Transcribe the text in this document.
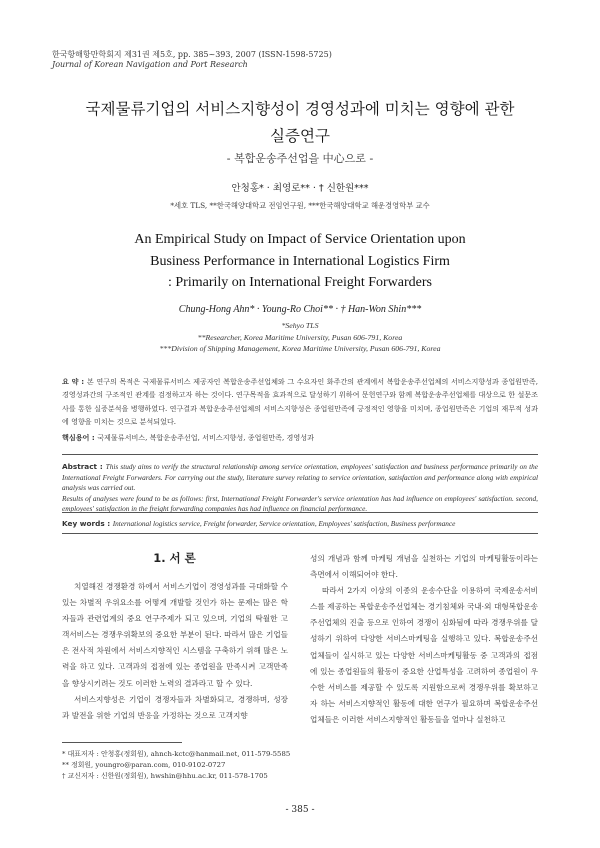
한국항해항만학회지 제31권 제5호, pp. 385~393, 2007 (ISSN-1598-5725)
Journal of Korean Navigation and Port Research
국제물류기업의 서비스지향성이 경영성과에 미치는 영향에 관한
실증연구
- 복합운송주선업을 中心으로 -
안청홍* · 최영로** · † 신한원***
*세호 TLS, **한국해양대학교 전임연구원, ***한국해양대학교 해운경영학부 교수
An Empirical Study on Impact of Service Orientation upon
Business Performance in International Logistics Firm
: Primarily on International Freight Forwarders
Chung-Hong Ahn* · Young-Ro Choi** · † Han-Won Shin***
*Sehyo TLS
**Researcher, Korea Maritime University, Pusan 606-791, Korea
***Division of Shipping Management, Korea Maritime University, Pusan 606-791, Korea
요 약 : 본 연구의 목적은 국제물류서비스 제공자인 복합운송주선업체와 그 수요자인 화주간의 관계에서 복합운송주선업체의 서비스지향성과 종업원만족, 경영성과간의 구조적인 관계를 검정하고자 하는 것이다. 연구목적을 효과적으로 달성하기 위하여 문헌연구와 함께 복합운송주선업체를 대상으로 한 설문조사를 통한 실증분석을 병행하였다. 연구결과 복합운송주선업체의 서비스지향성은 종업원만족에 긍정적인 영향을 미치며, 종업원만족은 기업의 재무적 성과에 영향을 미치는 것으로 분석되었다.
핵심용어 : 국제물류서비스, 복합운송주선업, 서비스지향성, 종업원만족, 경영성과

Abstract : This study aims to verify the structural relationship among service orientation, employees' satisfaction and business performance primarily on the International Freight Forwarders. For carrying out the study, literature survey relating to service orientation, satisfaction and performance along with empirical analysis was carried out.

Results of analyses were found to be as follows: first, International Freight Forwarder's service orientation has had influence on employees' satisfaction. second, employees' satisfaction in the freight forwarding companies has had influence on financial performance.

Key words : International logistics service, Freight forwarder, Service orientation, Employees' satisfaction, Business performance
1. 서 론

치열해진 경쟁환경 하에서 서비스기업이 경영성과를 극대화할 수 있는 차별적 우위요소를 어떻게 개발할 것인가 하는 문제는 많은 학자들과 관련업계의 중요 연구주제가 되고 있으며, 기업의 탁월한 고객서비스는 경쟁우위확보의 중요한 부분이 된다. 따라서 많은 기업들은 전사적 차원에서 서비스지향적인 시스템을 구축하기 위해 많은 노력을 하고 있다. 고객과의 접점에 있는 종업원을 만족시켜 고객만족을 향상시키려는 것도 이러한 노력의 결과라고 할 수 있다.

서비스지향성은 기업이 경쟁자들과 차별화되고, 경쟁하며, 성장과 발전을 위한 기업의 반응을 가정하는 것으로 고객지향

성의 개념과 함께 마케팅 개념을 실천하는 기업의 마케팅활동이라는 측면에서 이해되어야 한다.

따라서 2가지 이상의 이종의 운송수단을 이용하여 국제운송서비스를 제공하는 복합운송주선업체는 경기침체와 국내·외 대형복합운송주선업체의 진출 등으로 인하여 경쟁이 심화됨에 따라 경쟁우위를 달성하기 위하여 다양한 서비스마케팅을 실행하고 있다. 복합운송주선업체들이 실시하고 있는 다양한 서비스마케팅활동 중 고객과의 접점에 있는 종업원들의 활동이 중요한 산업특성을 고려하여 종업원이 우수한 서비스를 제공할 수 있도록 지원함으로써 경쟁우위를 확보하고자 하는 서비스지향적인 활동에 대한 연구가 필요하며 복합운송주선업체들은 이러한 서비스지향적인 활동들을 얼마나 실천하고

* 대표저자 : 안청홍(정회원), ahnch-kctc@hanmail.net, 011-579-5585
** 정회원, youngro@paran.com, 010-9102-0727
† 교신저자 : 신한원(정회원), hwshin@hhu.ac.kr, 011-578-1705
- 385 -
